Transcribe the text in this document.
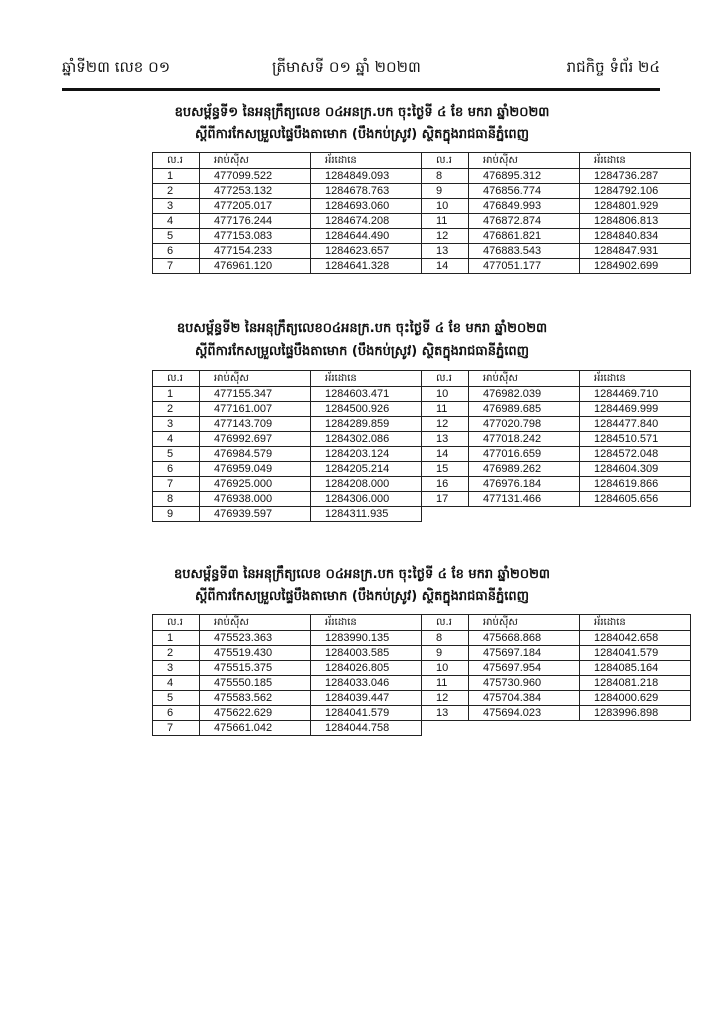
ឆ្នាំទី២៣ លេខ ០១	ត្រីមាសទី ០១ ឆ្នាំ ២០២៣	រាជកិច្ច ទំព័រ ២៤
ឧបសម្ព័ន្ធទី១ នៃអនុក្រឹត្យលេខ ០៤អនក្រ.បក ចុះថ្ងៃទី ៤ ខែ មករា ឆ្នាំ២០២៣
ស្តីពីការកែសម្រួលផ្ទៃបឹងតាមោក (បឹងកប់ស្រូវ) ស្ថិតក្នុងរាជធានីភ្នំពេញ
ល.រ	អាប់ស៊ីស	អ័រដោនេ	ល.រ	អាប់ស៊ីស	អ័រដោនេ
1	477099.522	1284849.093	8	476895.312	1284736.287
2	477253.132	1284678.763	9	476856.774	1284792.106
3	477205.017	1284693.060	10	476849.993	1284801.929
4	477176.244	1284674.208	11	476872.874	1284806.813
5	477153.083	1284644.490	12	476861.821	1284840.834
6	477154.233	1284623.657	13	476883.543	1284847.931
7	476961.120	1284641.328	14	477051.177	1284902.699
ឧបសម្ព័ន្ធទី២ នៃអនុក្រឹត្យលេខ០៤អនក្រ.បក ចុះថ្ងៃទី ៤ ខែ មករា ឆ្នាំ២០២៣
ស្តីពីការកែសម្រួលផ្ទៃបឹងតាមោក (បឹងកប់ស្រូវ) ស្ថិតក្នុងរាជធានីភ្នំពេញ
ល.រ	អាប់ស៊ីស	អ័រដោនេ	ល.រ	អាប់ស៊ីស	អ័រដោនេ
1	477155.347	1284603.471	10	476982.039	1284469.710
2	477161.007	1284500.926	11	476989.685	1284469.999
3	477143.709	1284289.859	12	477020.798	1284477.840
4	476992.697	1284302.086	13	477018.242	1284510.571
5	476984.579	1284203.124	14	477016.659	1284572.048
6	476959.049	1284205.214	15	476989.262	1284604.309
7	476925.000	1284208.000	16	476976.184	1284619.866
8	476938.000	1284306.000	17	477131.466	1284605.656
9	476939.597	1284311.935			
ឧបសម្ព័ន្ធទី៣ នៃអនុក្រឹត្យលេខ ០៤អនក្រ.បក ចុះថ្ងៃទី ៤ ខែ មករា ឆ្នាំ២០២៣
ស្តីពីការកែសម្រួលផ្ទៃបឹងតាមោក (បឹងកប់ស្រូវ) ស្ថិតក្នុងរាជធានីភ្នំពេញ
ល.រ	អាប់ស៊ីស	អ័រដោនេ	ល.រ	អាប់ស៊ីស	អ័រដោនេ
1	475523.363	1283990.135	8	475668.868	1284042.658
2	475519.430	1284003.585	9	475697.184	1284041.579
3	475515.375	1284026.805	10	475697.954	1284085.164
4	475550.185	1284033.046	11	475730.960	1284081.218
5	475583.562	1284039.447	12	475704.384	1284000.629
6	475622.629	1284041.579	13	475694.023	1283996.898
7	475661.042	1284044.758			
